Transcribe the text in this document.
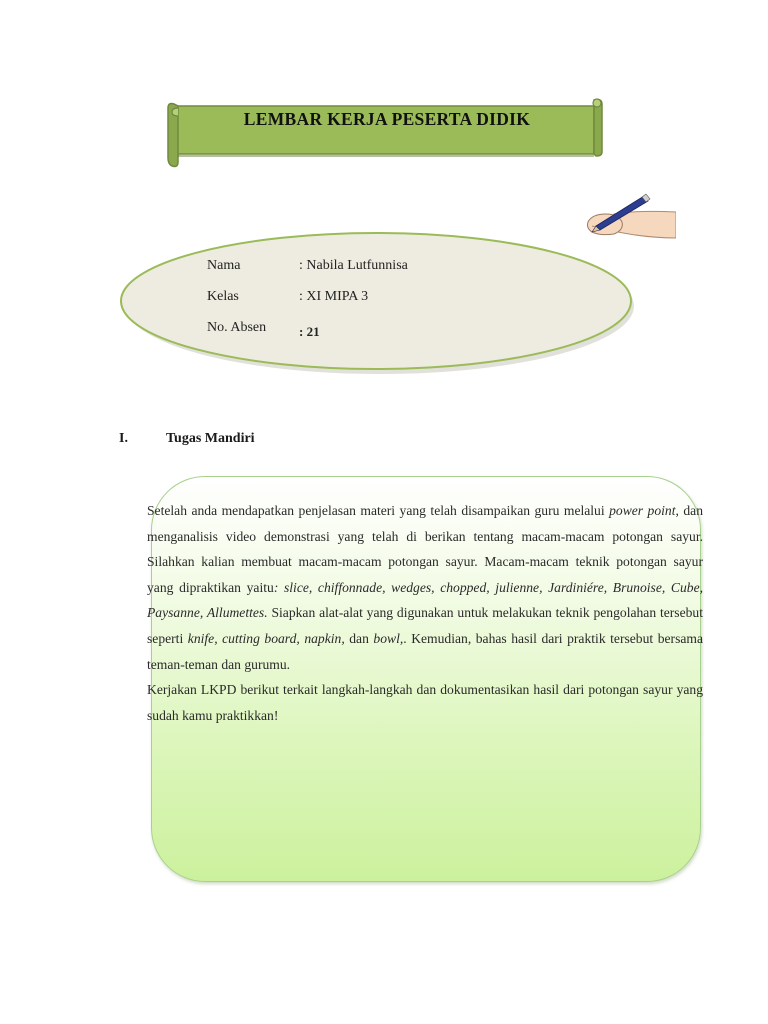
LEMBAR KERJA PESERTA DIDIK
Nama	: Nabila Lutfunnisa
Kelas	: XI MIPA 3
No. Absen	: 21
I.	Tugas Mandiri

Setelah anda mendapatkan penjelasan materi yang telah disampaikan guru melalui power point, dan menganalisis video demonstrasi yang telah di berikan tentang macam-macam potongan sayur. Silahkan kalian membuat macam-macam potongan sayur. Macam-macam teknik potongan sayur yang dipraktikan yaitu: slice, chiffonnade, wedges, chopped, julienne, Jardiniére, Brunoise, Cube, Paysanne, Allumettes. Siapkan alat-alat yang digunakan untuk melakukan teknik pengolahan tersebut seperti knife, cutting board, napkin, dan bowl,. Kemudian, bahas hasil dari praktik tersebut bersama teman-teman dan gurumu.

Kerjakan LKPD berikut terkait langkah-langkah dan dokumentasikan hasil dari potongan sayur yang sudah kamu praktikkan!
